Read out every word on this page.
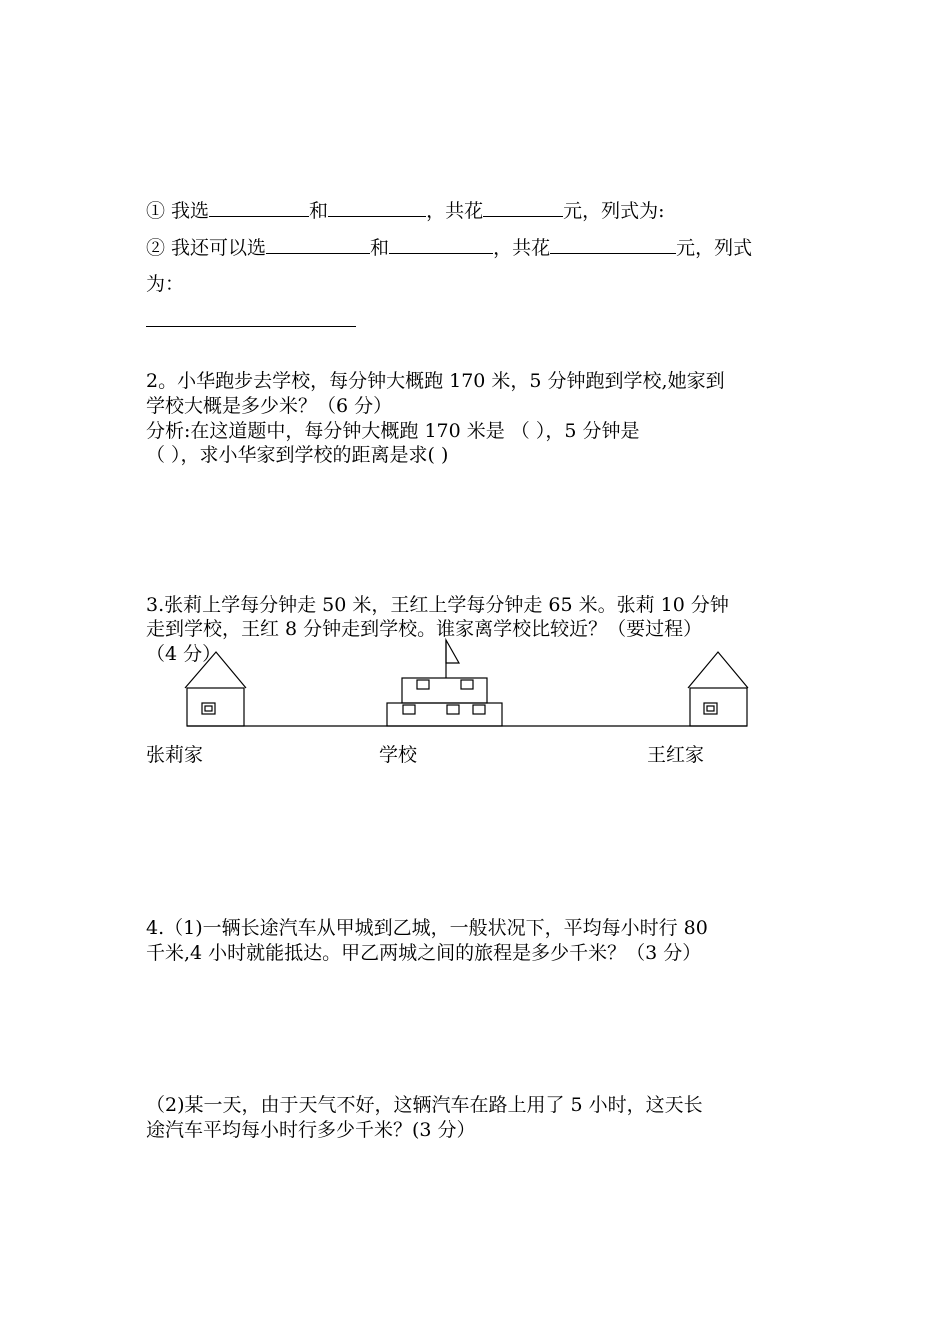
① 我选	和	，共花	元，列式为:
② 我还可以选	和	，共花	元，列式
为：
2。小华跑步去学校，每分钟大概跑 170 米，5 分钟跑到学校,她家到
学校大概是多少米？（6 分）
分析:在这道题中，每分钟大概跑 170 米是 （ ），5 分钟是
（ ），求小华家到学校的距离是求( )
3.张莉上学每分钟走 50 米，王红上学每分钟走 65 米。张莉 10 分钟
走到学校，王红 8 分钟走到学校。谁家离学校比较近？（要过程）
（4 分）
张莉家	学校	王红家
4.（1)一辆长途汽车从甲城到乙城，一般状况下，平均每小时行 80
千米,4 小时就能抵达。甲乙两城之间的旅程是多少千米？（3 分）
（2)某一天，由于天气不好，这辆汽车在路上用了 5 小时，这天长
途汽车平均每小时行多少千米？(3 分）
